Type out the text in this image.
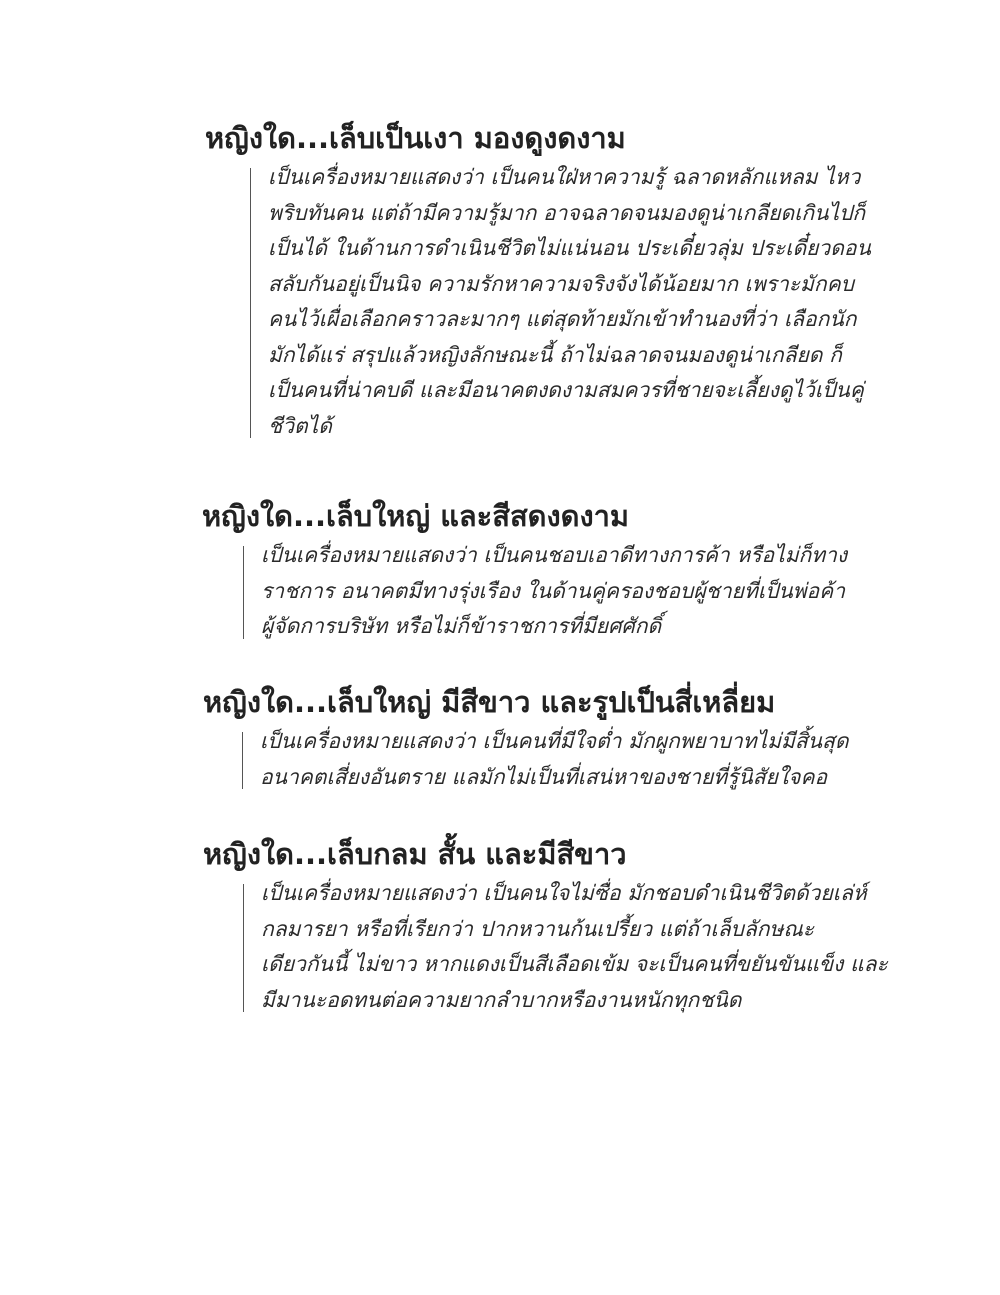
หญิงใด...เล็บเป็นเงา มองดูงดงาม
เป็นเครื่องหมายแสดงว่า เป็นคนใฝ่หาความรู้ ฉลาดหลักแหลม ไหว
พริบทันคน แต่ถ้ามีความรู้มาก อาจฉลาดจนมองดูน่าเกลียดเกินไปก็
เป็นได้ ในด้านการดำเนินชีวิตไม่แน่นอน ประเดี๋ยวลุ่ม ประเดี๋ยวดอน
สลับกันอยู่เป็นนิจ ความรักหาความจริงจังได้น้อยมาก เพราะมักคบ
คนไว้เผื่อเลือกคราวละมากๆ แต่สุดท้ายมักเข้าทำนองที่ว่า เลือกนัก
มักได้แร่ สรุปแล้วหญิงลักษณะนี้ ถ้าไม่ฉลาดจนมองดูน่าเกลียด ก็
เป็นคนที่น่าคบดี และมีอนาคตงดงามสมควรที่ชายจะเลี้ยงดูไว้เป็นคู่
ชีวิตได้
หญิงใด...เล็บใหญ่ และสีสดงดงาม
เป็นเครื่องหมายแสดงว่า เป็นคนชอบเอาดีทางการค้า หรือไม่ก็ทาง
ราชการ อนาคตมีทางรุ่งเรือง ในด้านคู่ครองชอบผู้ชายที่เป็นพ่อค้า
ผู้จัดการบริษัท หรือไม่ก็ข้าราชการที่มียศศักดิ์
หญิงใด...เล็บใหญ่ มีสีขาว และรูปเป็นสี่เหลี่ยม
เป็นเครื่องหมายแสดงว่า เป็นคนที่มีใจต่ำ มักผูกพยาบาทไม่มีสิ้นสุด
อนาคตเสี่ยงอันตราย แลมักไม่เป็นที่เสน่หาของชายที่รู้นิสัยใจคอ
หญิงใด...เล็บกลม สั้น และมีสีขาว
เป็นเครื่องหมายแสดงว่า เป็นคนใจไม่ซื่อ มักชอบดำเนินชีวิตด้วยเล่ห์
กลมารยา หรือที่เรียกว่า ปากหวานก้นเปรี้ยว แต่ถ้าเล็บลักษณะ
เดียวกันนี้ ไม่ขาว หากแดงเป็นสีเลือดเข้ม จะเป็นคนที่ขยันขันแข็ง และ
มีมานะอดทนต่อความยากลำบากหรืองานหนักทุกชนิด
